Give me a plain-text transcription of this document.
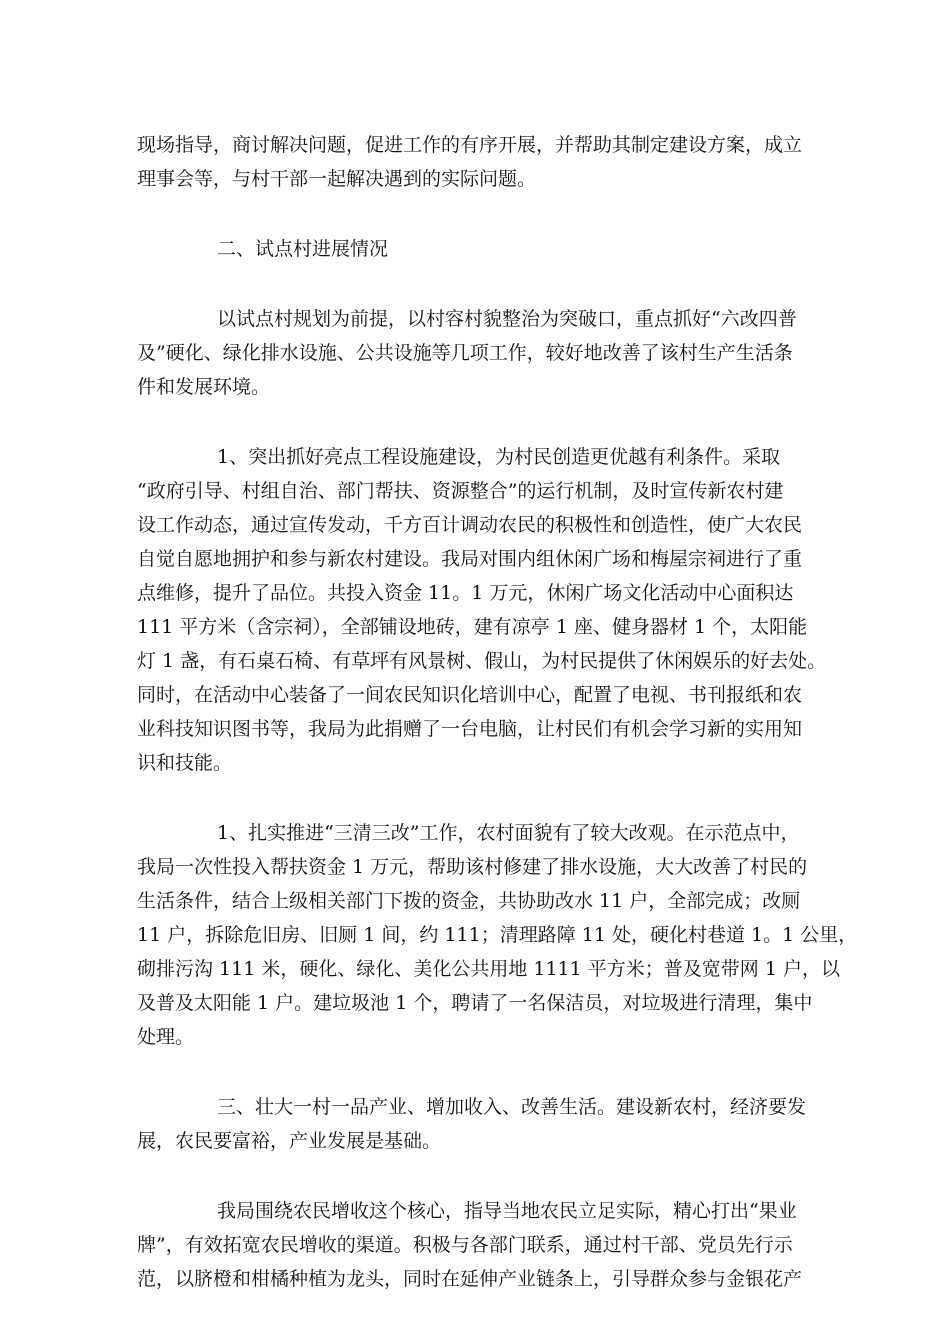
现场指导，商讨解决问题，促进工作的有序开展，并帮助其制定建设方案，成立
理事会等，与村干部一起解决遇到的实际问题。
二、试点村进展情况
以试点村规划为前提，以村容村貌整治为突破口，重点抓好“六改四普
及”硬化、绿化排水设施、公共设施等几项工作，较好地改善了该村生产生活条
件和发展环境。
1、突出抓好亮点工程设施建设，为村民创造更优越有利条件。采取
“政府引导、村组自治、部门帮扶、资源整合”的运行机制，及时宣传新农村建
设工作动态，通过宣传发动，千方百计调动农民的积极性和创造性，使广大农民
自觉自愿地拥护和参与新农村建设。我局对围内组休闲广场和梅屋宗祠进行了重
点维修，提升了品位。共投入资金 11。1 万元，休闲广场文化活动中心面积达
111 平方米（含宗祠），全部铺设地砖，建有凉亭 1 座、健身器材 1 个，太阳能
灯 1 盏，有石桌石椅、有草坪有风景树、假山，为村民提供了休闲娱乐的好去处。
同时，在活动中心装备了一间农民知识化培训中心，配置了电视、书刊报纸和农
业科技知识图书等，我局为此捐赠了一台电脑，让村民们有机会学习新的实用知
识和技能。
1、扎实推进“三清三改”工作，农村面貌有了较大改观。在示范点中，
我局一次性投入帮扶资金 1 万元，帮助该村修建了排水设施，大大改善了村民的
生活条件，结合上级相关部门下拨的资金，共协助改水 11 户，全部完成；改厕
11 户，拆除危旧房、旧厕 1 间，约 111；清理路障 11 处，硬化村巷道 1。1 公里，
砌排污沟 111 米，硬化、绿化、美化公共用地 1111 平方米；普及宽带网 1 户，以
及普及太阳能 1 户。建垃圾池 1 个，聘请了一名保洁员，对垃圾进行清理，集中
处理。
三、壮大一村一品产业、增加收入、改善生活。建设新农村，经济要发
展，农民要富裕，产业发展是基础。
我局围绕农民增收这个核心，指导当地农民立足实际，精心打出“果业
牌”，有效拓宽农民增收的渠道。积极与各部门联系，通过村干部、党员先行示
范，以脐橙和柑橘种植为龙头，同时在延伸产业链条上，引导群众参与金银花产
